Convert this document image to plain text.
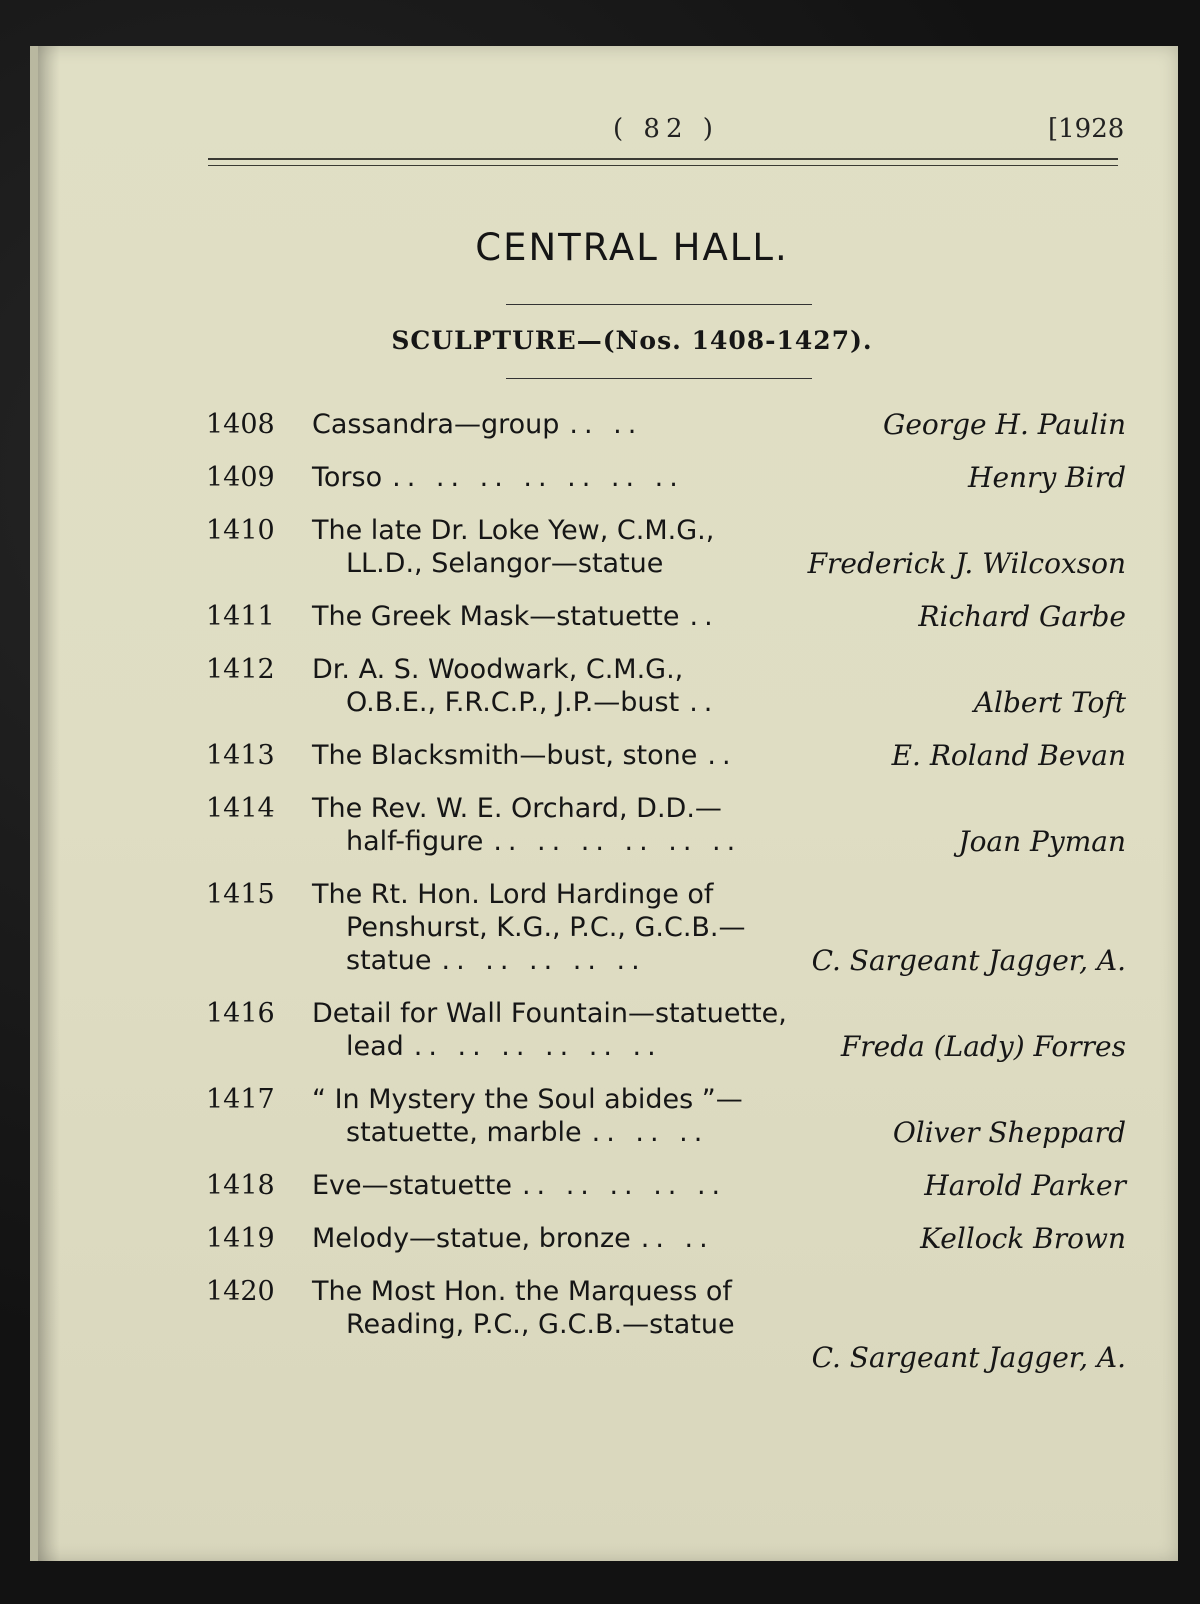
( 82 )	[1928
CENTRAL HALL.
SCULPTURE—(Nos. 1408-1427).
1408	Cassandra—group .. ..	George H. Paulin
1409	Torso .. .. .. .. .. .. ..	Henry Bird
1410	The late Dr. Loke Yew, C.M.G.,
LL.D., Selangor—statue	Frederick J. Wilcoxson
1411	The Greek Mask—statuette ..	Richard Garbe
1412	Dr. A. S. Woodwark, C.M.G.,
O.B.E., F.R.C.P., J.P.—bust ..	Albert Toft
1413	The Blacksmith—bust, stone ..	E. Roland Bevan
1414	The Rev. W. E. Orchard, D.D.—
half-figure .. .. .. .. .. ..	Joan Pyman
1415	The Rt. Hon. Lord Hardinge of
Penshurst, K.G., P.C., G.C.B.—
statue .. .. .. .. ..	C. Sargeant Jagger, A.
1416	Detail for Wall Fountain—statuette,
lead .. .. .. .. .. ..	Freda (Lady) Forres
1417	“ In Mystery the Soul abides ”—
statuette, marble .. .. ..	Oliver Sheppard
1418	Eve—statuette .. .. .. .. ..	Harold Parker
1419	Melody—statue, bronze .. ..	Kellock Brown
1420	The Most Hon. the Marquess of
Reading, P.C., G.C.B.—statue
C. Sargeant Jagger, A.
